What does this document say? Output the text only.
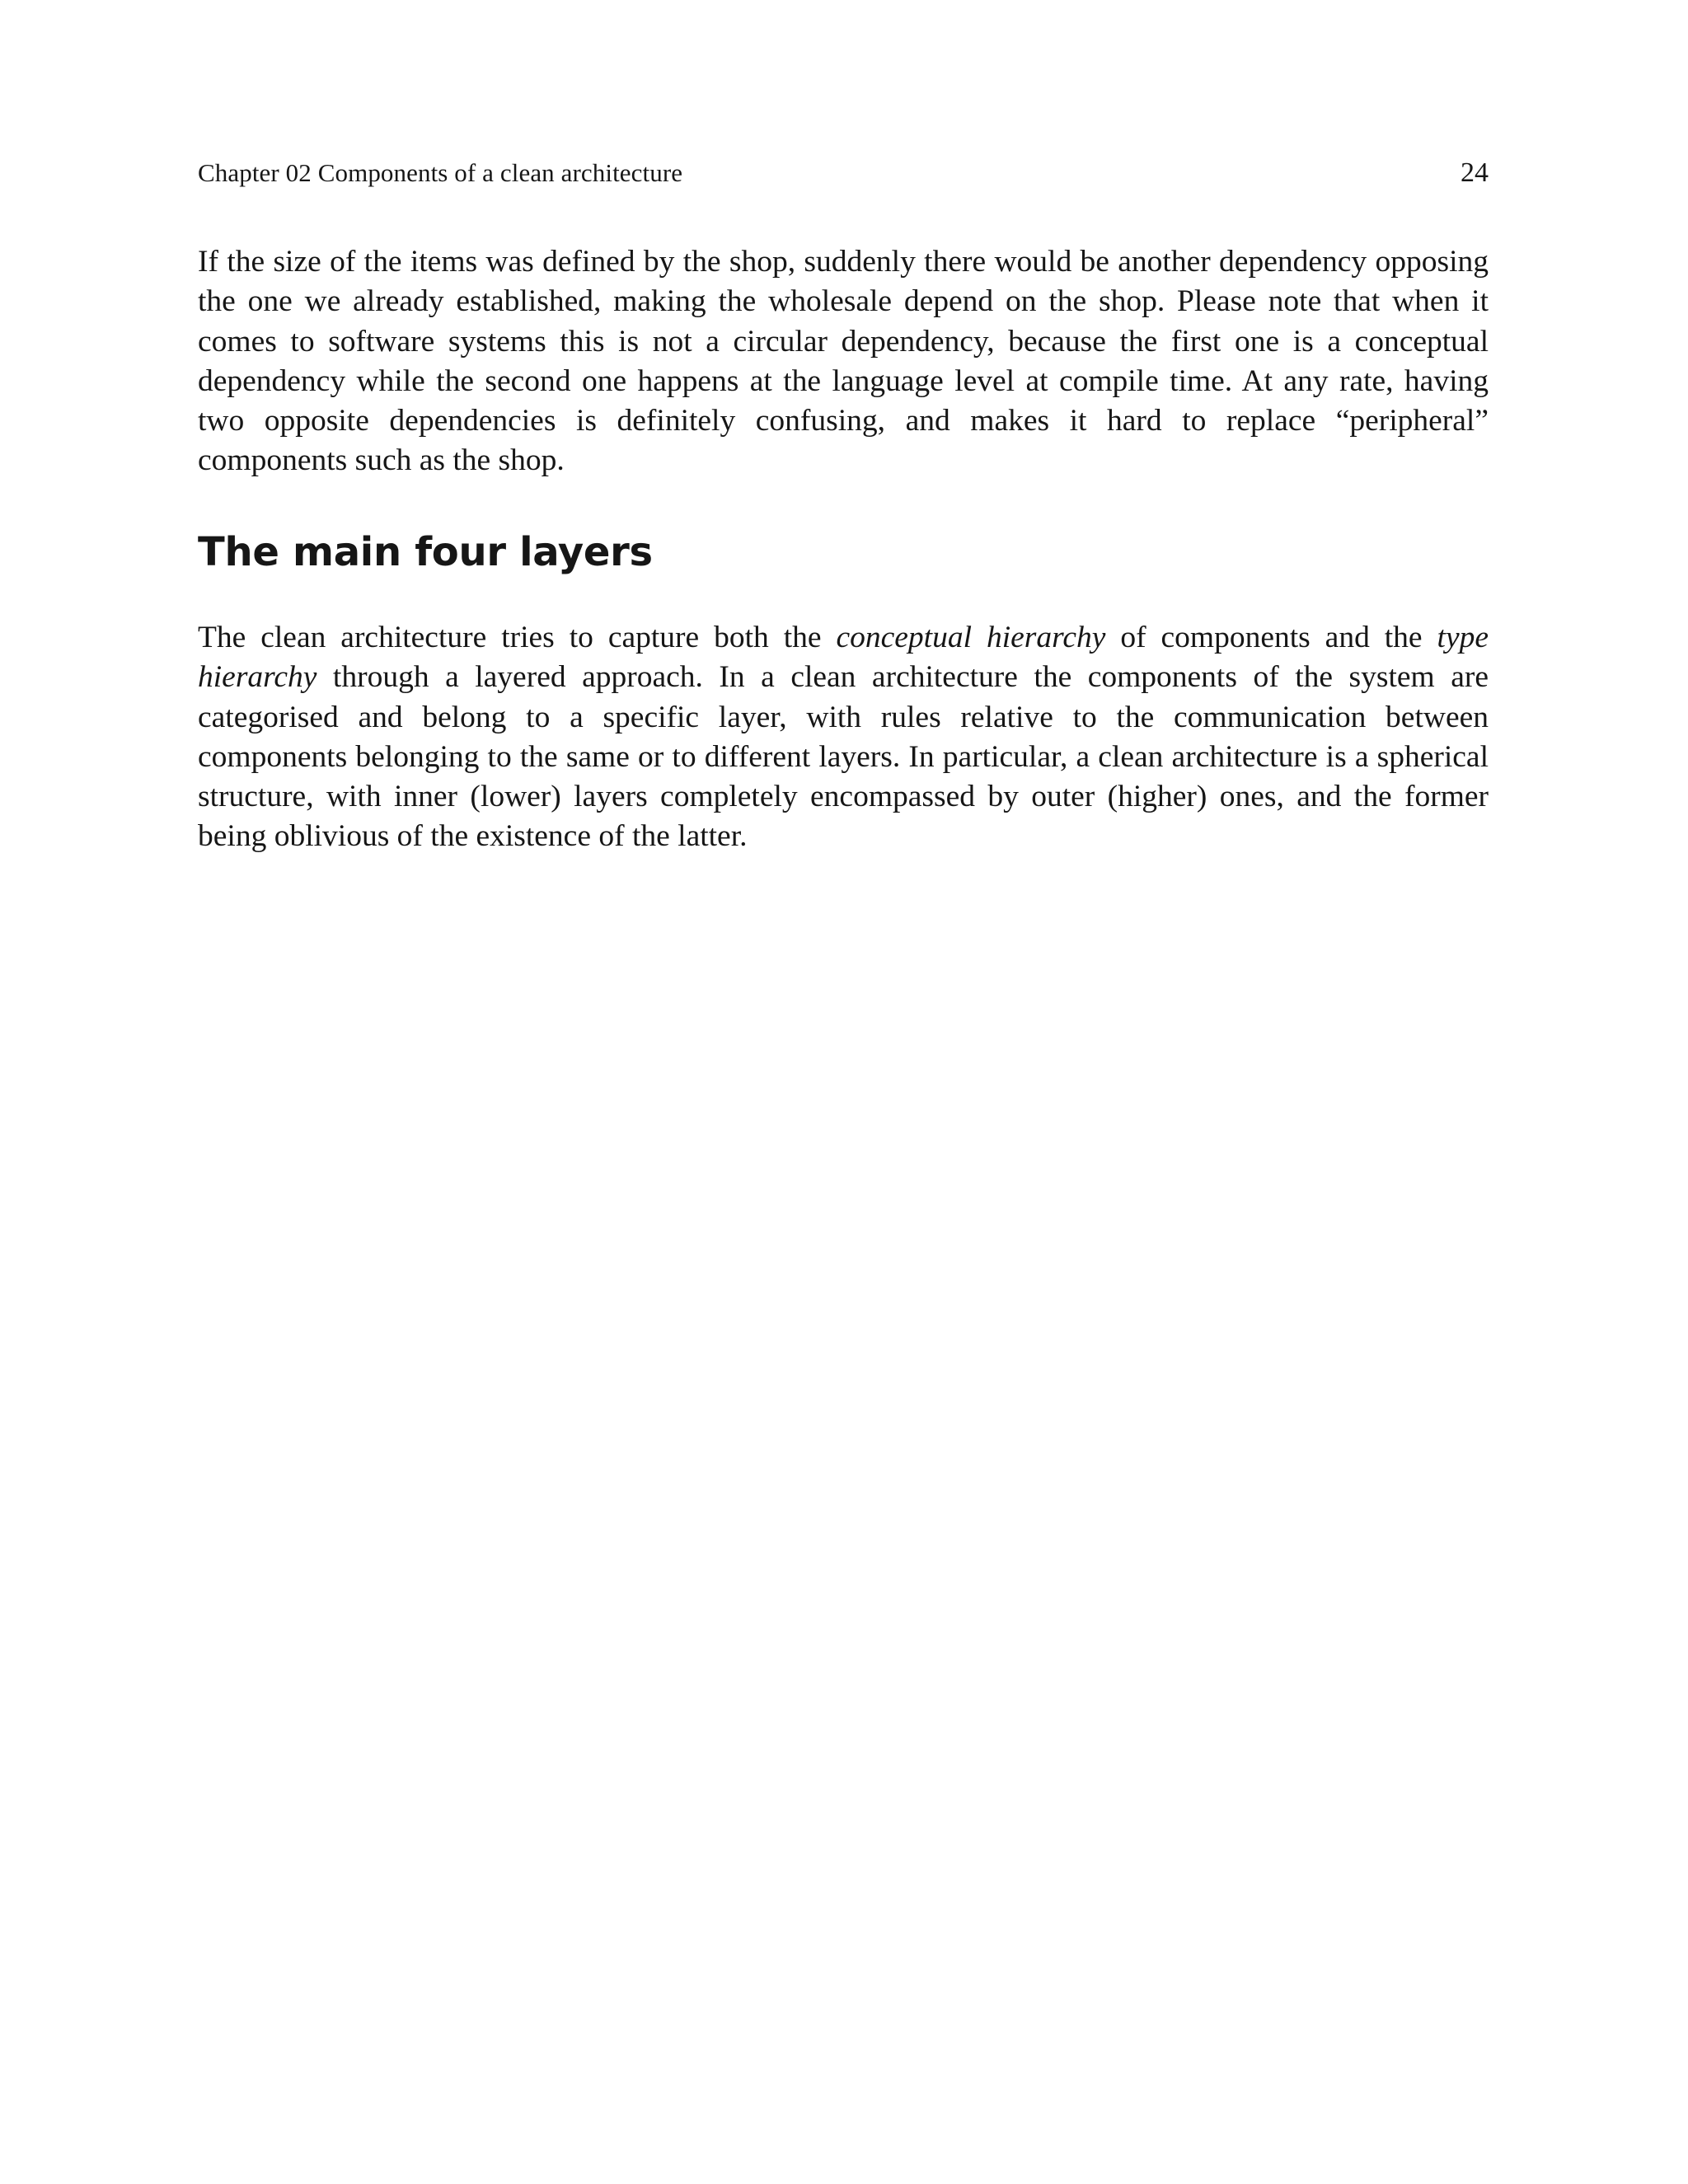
Chapter 02 Components of a clean architecture	24

If the size of the items was defined by the shop, suddenly there would be another dependency opposing the one we already established, making the wholesale depend on the shop. Please note that when it comes to software systems this is not a circular dependency, because the first one is a conceptual dependency while the second one happens at the language level at compile time. At any rate, having two opposite dependencies is definitely confusing, and makes it hard to replace “peripheral” components such as the shop.

The main four layers

The clean architecture tries to capture both the conceptual hierarchy of components and the type hierarchy through a layered approach. In a clean architecture the components of the system are categorised and belong to a specific layer, with rules relative to the communication between components belonging to the same or to different layers. In particular, a clean architecture is a spherical structure, with inner (lower) layers completely encompassed by outer (higher) ones, and the former being oblivious of the existence of the latter.
